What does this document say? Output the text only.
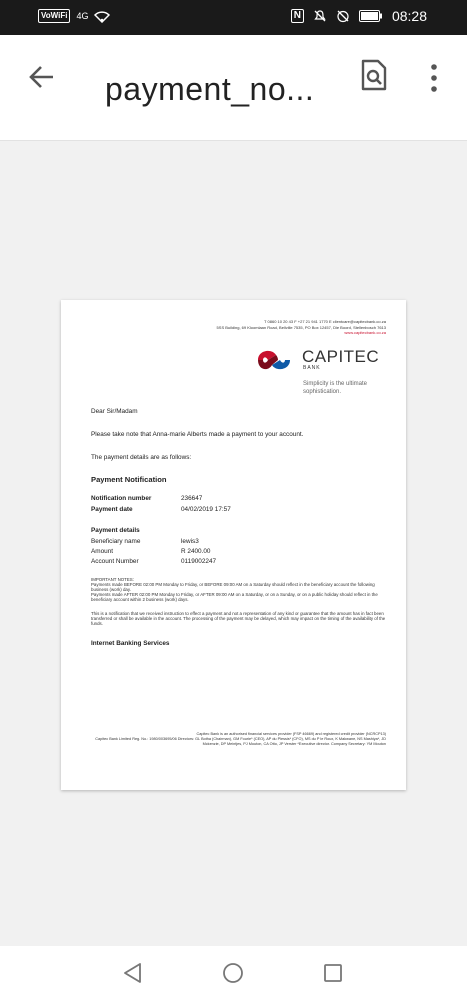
VoWiFi	4G	N	08:28
payment_no...
T 0860 10 20 43 F +27 21 941 1770 E clientcare@capitecbank.co.za
5SS Building, 69 Kloomlaan Road, Bellville 7535, PO Box 12457, Die Boord, Stellenbosch 7613
www.capitecbank.co.za
CAPITEC
BANK
Simplicity is the ultimate
sophistication.
Dear Sir/Madam
Please take note that Anna-marie Alberts made a payment to your account.
The payment details are as follows:
Payment Notification
Notification number	236647
Payment date	04/02/2019 17:57
Payment details
Beneficiary name	lewis3
Amount	R 2400.00
Account Number	0119002247
IMPORTANT NOTES:
Payments made BEFORE 02:00 PM Monday to Friday, or BEFORE 09:00 AM on a Saturday should reflect in the beneficiary account the following business (work) day.
Payments made AFTER 02:00 PM Monday to Friday, or AFTER 09:00 AM on a Saturday, or on a Sunday, or on a public holiday should reflect in the beneficiary account within 2 business (work) days.
This is a notification that we received instruction to effect a payment and not a representation of any kind or guarantee that the amount has in fact been transferred or shall be available in the account. The processing of the payment may be delayed, which may impact on the timing of the availability of the funds.
Internet Banking Services
Capitec Bank is an authorised financial services provider (FSP 46669) and registered credit provider (NCRCP13)
Capitec Bank Limited Reg. No.: 1980/003695/06 Directors: GL Botha (Chairman), GM Fourie* (CEO), AP du Plessis* (CFO), MS du P le Roux, K Makwane, NS Mashiya*, JD Mckenzie, DP Meintjes, PJ Mouton, CA Otto, JP Verster *Executive director. Company Secretary: YM Mouton
